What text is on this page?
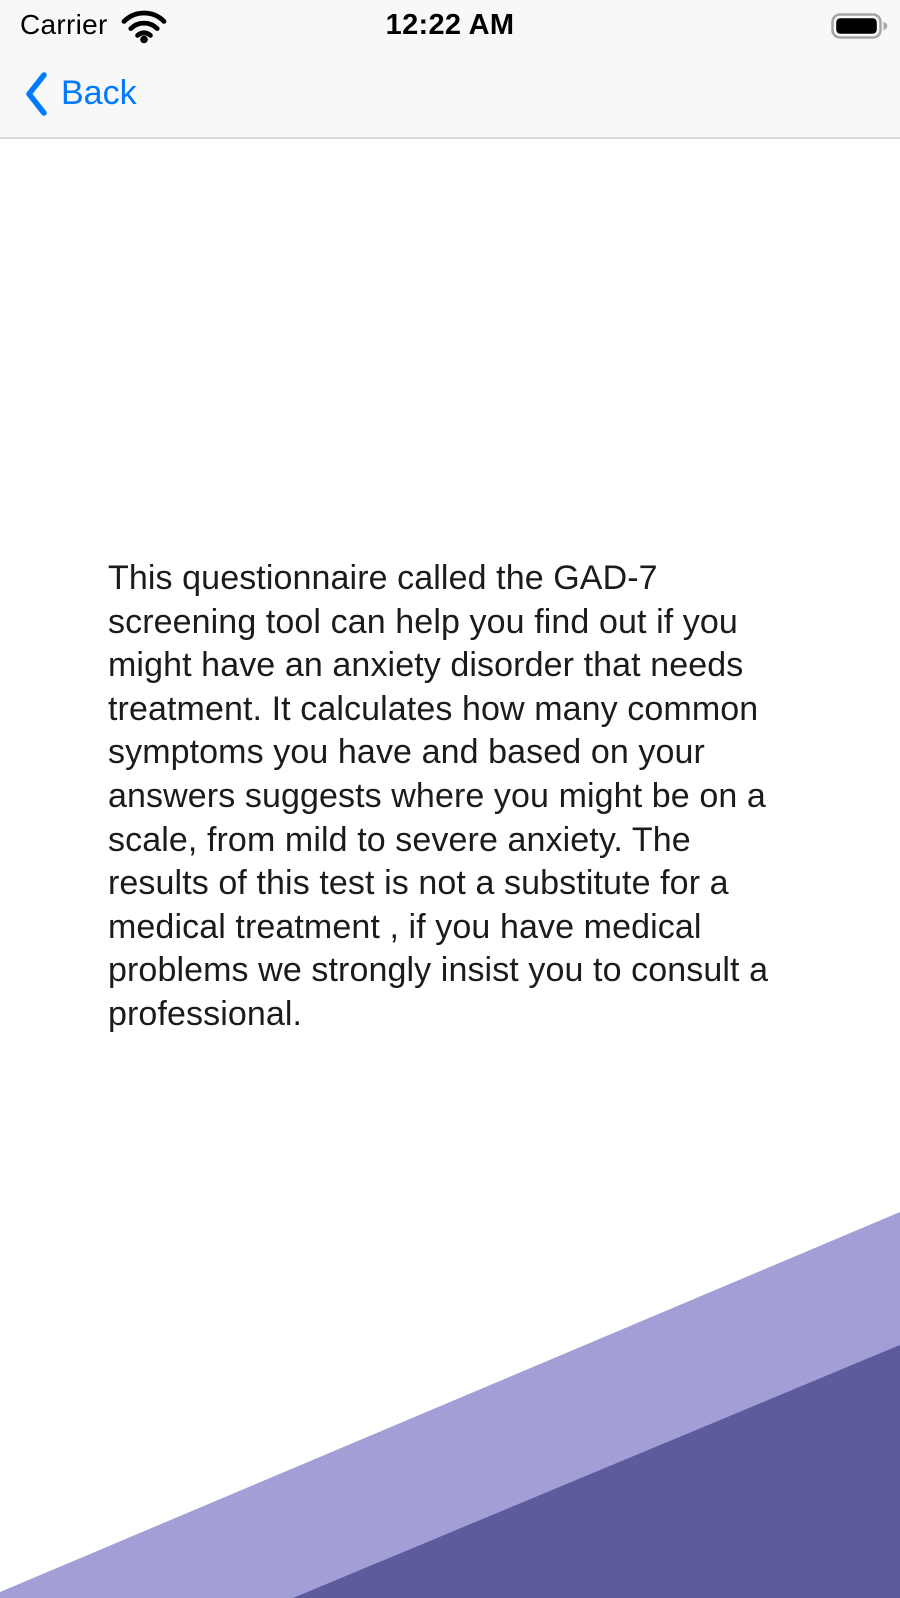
Carrier	12:22 AM
Back

This questionnaire called the GAD-7 screening tool can help you find out if you might have an anxiety disorder that needs treatment. It calculates how many common symptoms you have and based on your answers suggests where you might be on a scale, from mild to severe anxiety. The results of this test is not a substitute for a medical treatment , if you have medical problems we strongly insist you to consult a professional.
